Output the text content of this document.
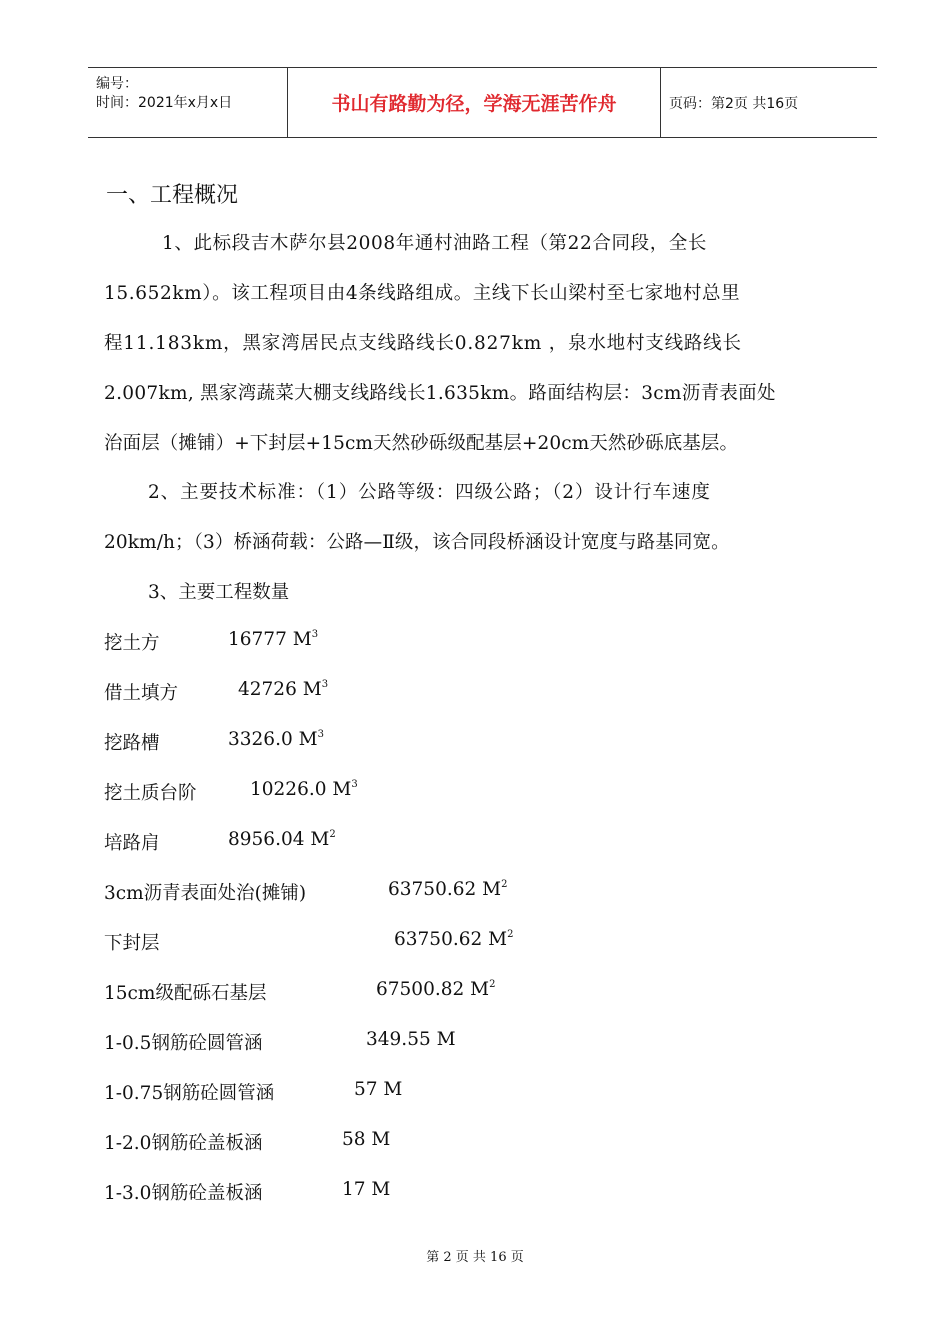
编号：
时间：2021年x月x日	书山有路勤为径，学海无涯苦作舟	页码：第2页 共16页
一、工程概况
1、此标段吉木萨尔县2008年通村油路工程（第22合同段，全长
15.652km）。该工程项目由4条线路组成。主线下长山梁村至七家地村总里
程11.183km，黑家湾居民点支线路线长0.827km ，泉水地村支线路线长
2.007km, 黑家湾蔬菜大棚支线路线长1.635km。路面结构层：3cm沥青表面处
治面层（摊铺）+下封层+15cm天然砂砾级配基层+20cm天然砂砾底基层。
2、主要技术标准：（1）公路等级：四级公路；（2）设计行车速度
20km/h；（3）桥涵荷载：公路—Ⅱ级，该合同段桥涵设计宽度与路基同宽。
3、主要工程数量
挖土方	16777 $M^3$
借土填方	42726 $M^3$
挖路槽	3326.0 $M^3$
挖土质台阶	10226.0 $M^3$
培路肩	8956.04 $M^2$
3cm沥青表面处治(摊铺)	63750.62 $M^2$
下封层	63750.62 $M^2$
15cm级配砾石基层	67500.82 $M^2$
1-0.5钢筋砼圆管涵	349.55 M
1-0.75钢筋砼圆管涵	57 M
1-2.0钢筋砼盖板涵	58 M
1-3.0钢筋砼盖板涵	17 M
第 2 页 共 16 页
